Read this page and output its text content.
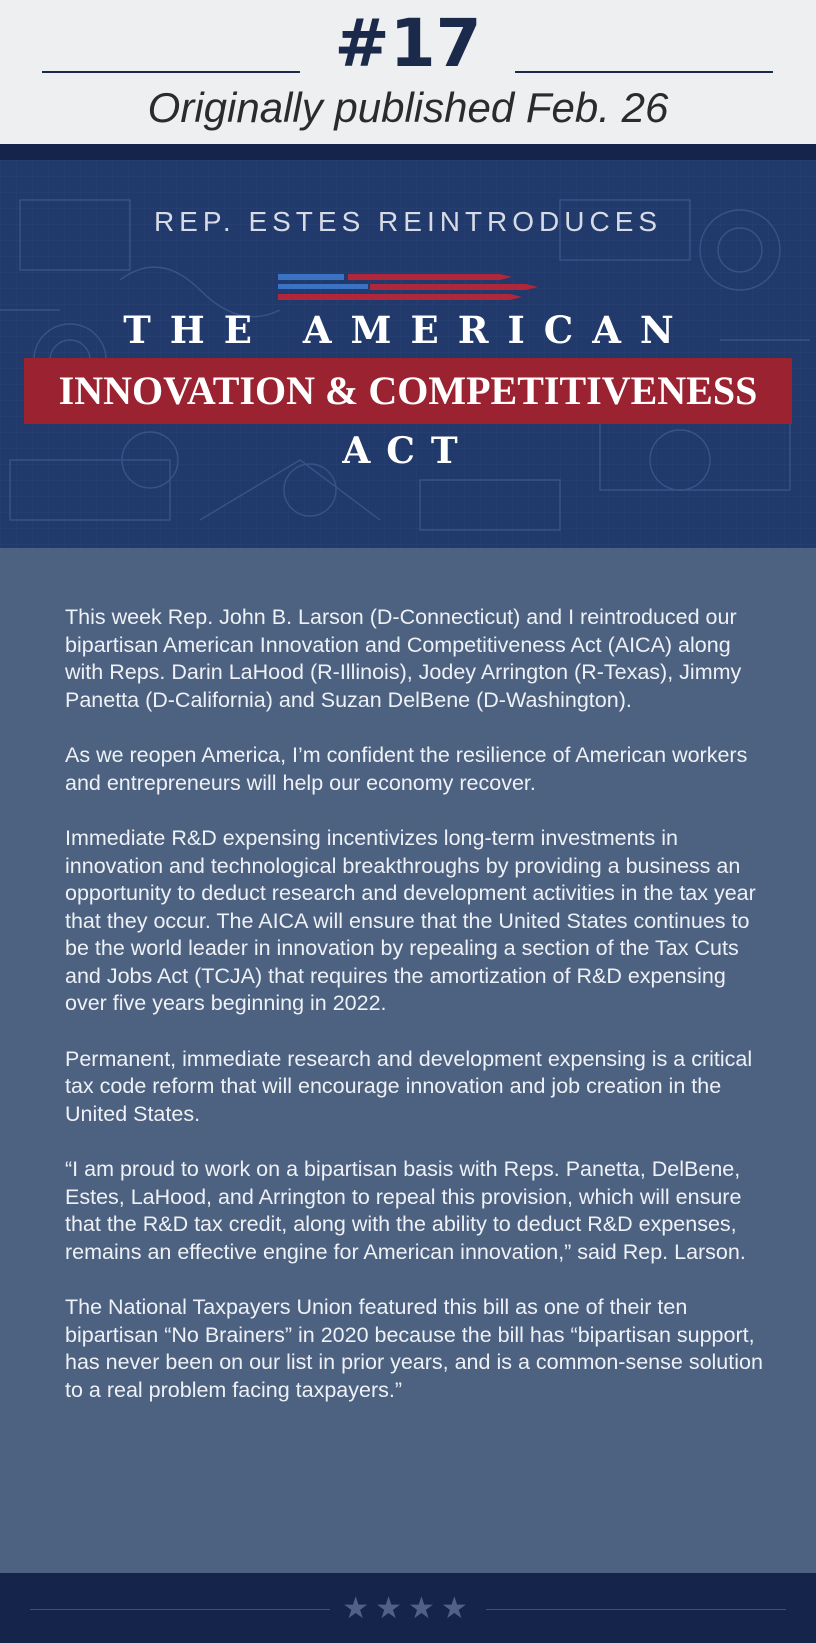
#17
Originally published Feb. 26
REP. ESTES REINTRODUCES
THE AMERICAN
INNOVATION & COMPETITIVENESS
ACT

This week Rep. John B. Larson (D-Connecticut) and I reintroduced our bipartisan American Innovation and Competitiveness Act (AICA) along with Reps. Darin LaHood (R-Illinois), Jodey Arrington (R-Texas), Jimmy Panetta (D-California) and Suzan DelBene (D-Washington).

As we reopen America, I’m confident the resilience of American workers and entrepreneurs will help our economy recover.

Immediate R&D expensing incentivizes long-term investments in innovation and technological breakthroughs by providing a business an opportunity to deduct research and development activities in the tax year that they occur. The AICA will ensure that the United States continues to be the world leader in innovation by repealing a section of the Tax Cuts and Jobs Act (TCJA) that requires the amortization of R&D expensing over five years beginning in 2022.

Permanent, immediate research and development expensing is a critical tax code reform that will encourage innovation and job creation in the United States.

“I am proud to work on a bipartisan basis with Reps. Panetta, DelBene, Estes, LaHood, and Arrington to repeal this provision, which will ensure that the R&D tax credit, along with the ability to deduct R&D expenses, remains an effective engine for American innovation,” said Rep. Larson.

The National Taxpayers Union featured this bill as one of their ten bipartisan “No Brainers” in 2020 because the bill has “bipartisan support, has never been on our list in prior years, and is a common-sense solution to a real problem facing taxpayers.”

★★★★
